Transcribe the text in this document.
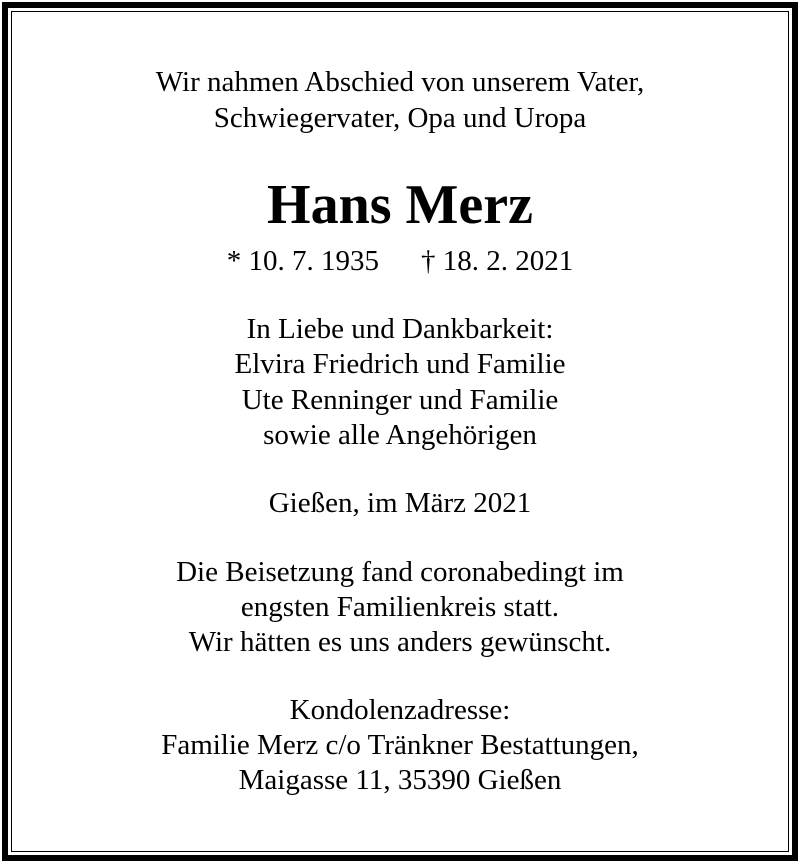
Wir nahmen Abschied von unserem Vater,
Schwiegervater, Opa und Uropa
Hans Merz
* 10. 7. 1935 † 18. 2. 2021
In Liebe und Dankbarkeit:
Elvira Friedrich und Familie
Ute Renninger und Familie
sowie alle Angehörigen
Gießen, im März 2021
Die Beisetzung fand coronabedingt im
engsten Familienkreis statt.
Wir hätten es uns anders gewünscht.
Kondolenzadresse:
Familie Merz c/o Tränkner Bestattungen,
Maigasse 11, 35390 Gießen
